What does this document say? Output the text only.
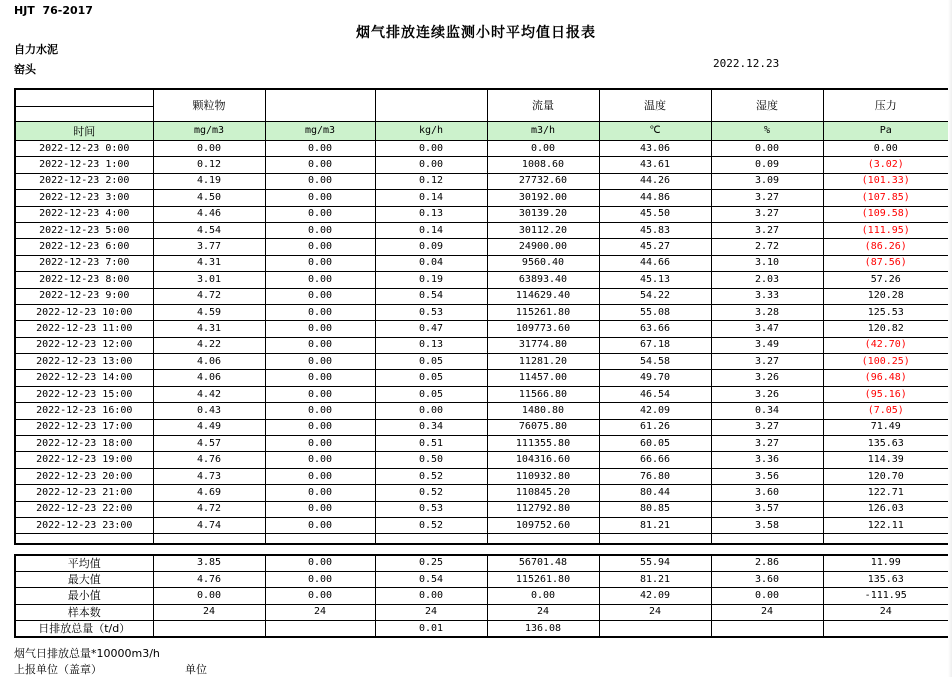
HJT  76-2017
烟气排放连续监测小时平均值日报表
自力水泥
窑头	2022.12.23
	颗粒物			流量	温度	湿度	压力

时间	mg/m3	mg/m3	kg/h	m3/h	℃	%	Pa
2022-12-23 0:00	0.00	0.00	0.00	0.00	43.06	0.00	0.00
2022-12-23 1:00	0.12	0.00	0.00	1008.60	43.61	0.09	(3.02)
2022-12-23 2:00	4.19	0.00	0.12	27732.60	44.26	3.09	(101.33)
2022-12-23 3:00	4.50	0.00	0.14	30192.00	44.86	3.27	(107.85)
2022-12-23 4:00	4.46	0.00	0.13	30139.20	45.50	3.27	(109.58)
2022-12-23 5:00	4.54	0.00	0.14	30112.20	45.83	3.27	(111.95)
2022-12-23 6:00	3.77	0.00	0.09	24900.00	45.27	2.72	(86.26)
2022-12-23 7:00	4.31	0.00	0.04	9560.40	44.66	3.10	(87.56)
2022-12-23 8:00	3.01	0.00	0.19	63893.40	45.13	2.03	57.26
2022-12-23 9:00	4.72	0.00	0.54	114629.40	54.22	3.33	120.28
2022-12-23 10:00	4.59	0.00	0.53	115261.80	55.08	3.28	125.53
2022-12-23 11:00	4.31	0.00	0.47	109773.60	63.66	3.47	120.82
2022-12-23 12:00	4.22	0.00	0.13	31774.80	67.18	3.49	(42.70)
2022-12-23 13:00	4.06	0.00	0.05	11281.20	54.58	3.27	(100.25)
2022-12-23 14:00	4.06	0.00	0.05	11457.00	49.70	3.26	(96.48)
2022-12-23 15:00	4.42	0.00	0.05	11566.80	46.54	3.26	(95.16)
2022-12-23 16:00	0.43	0.00	0.00	1480.80	42.09	0.34	(7.05)
2022-12-23 17:00	4.49	0.00	0.34	76075.80	61.26	3.27	71.49
2022-12-23 18:00	4.57	0.00	0.51	111355.80	60.05	3.27	135.63
2022-12-23 19:00	4.76	0.00	0.50	104316.60	66.66	3.36	114.39
2022-12-23 20:00	4.73	0.00	0.52	110932.80	76.80	3.56	120.70
2022-12-23 21:00	4.69	0.00	0.52	110845.20	80.44	3.60	122.71
2022-12-23 22:00	4.72	0.00	0.53	112792.80	80.85	3.57	126.03
2022-12-23 23:00	4.74	0.00	0.52	109752.60	81.21	3.58	122.11

平均值	3.85	0.00	0.25	56701.48	55.94	2.86	11.99
最大值	4.76	0.00	0.54	115261.80	81.21	3.60	135.63
最小值	0.00	0.00	0.00	0.00	42.09	0.00	-111.95
样本数	24	24	24	24	24	24	24
日排放总量（t/d）			0.01	136.08			
烟气日排放总量*10000m3/h
上报单位（盖章）	单位
